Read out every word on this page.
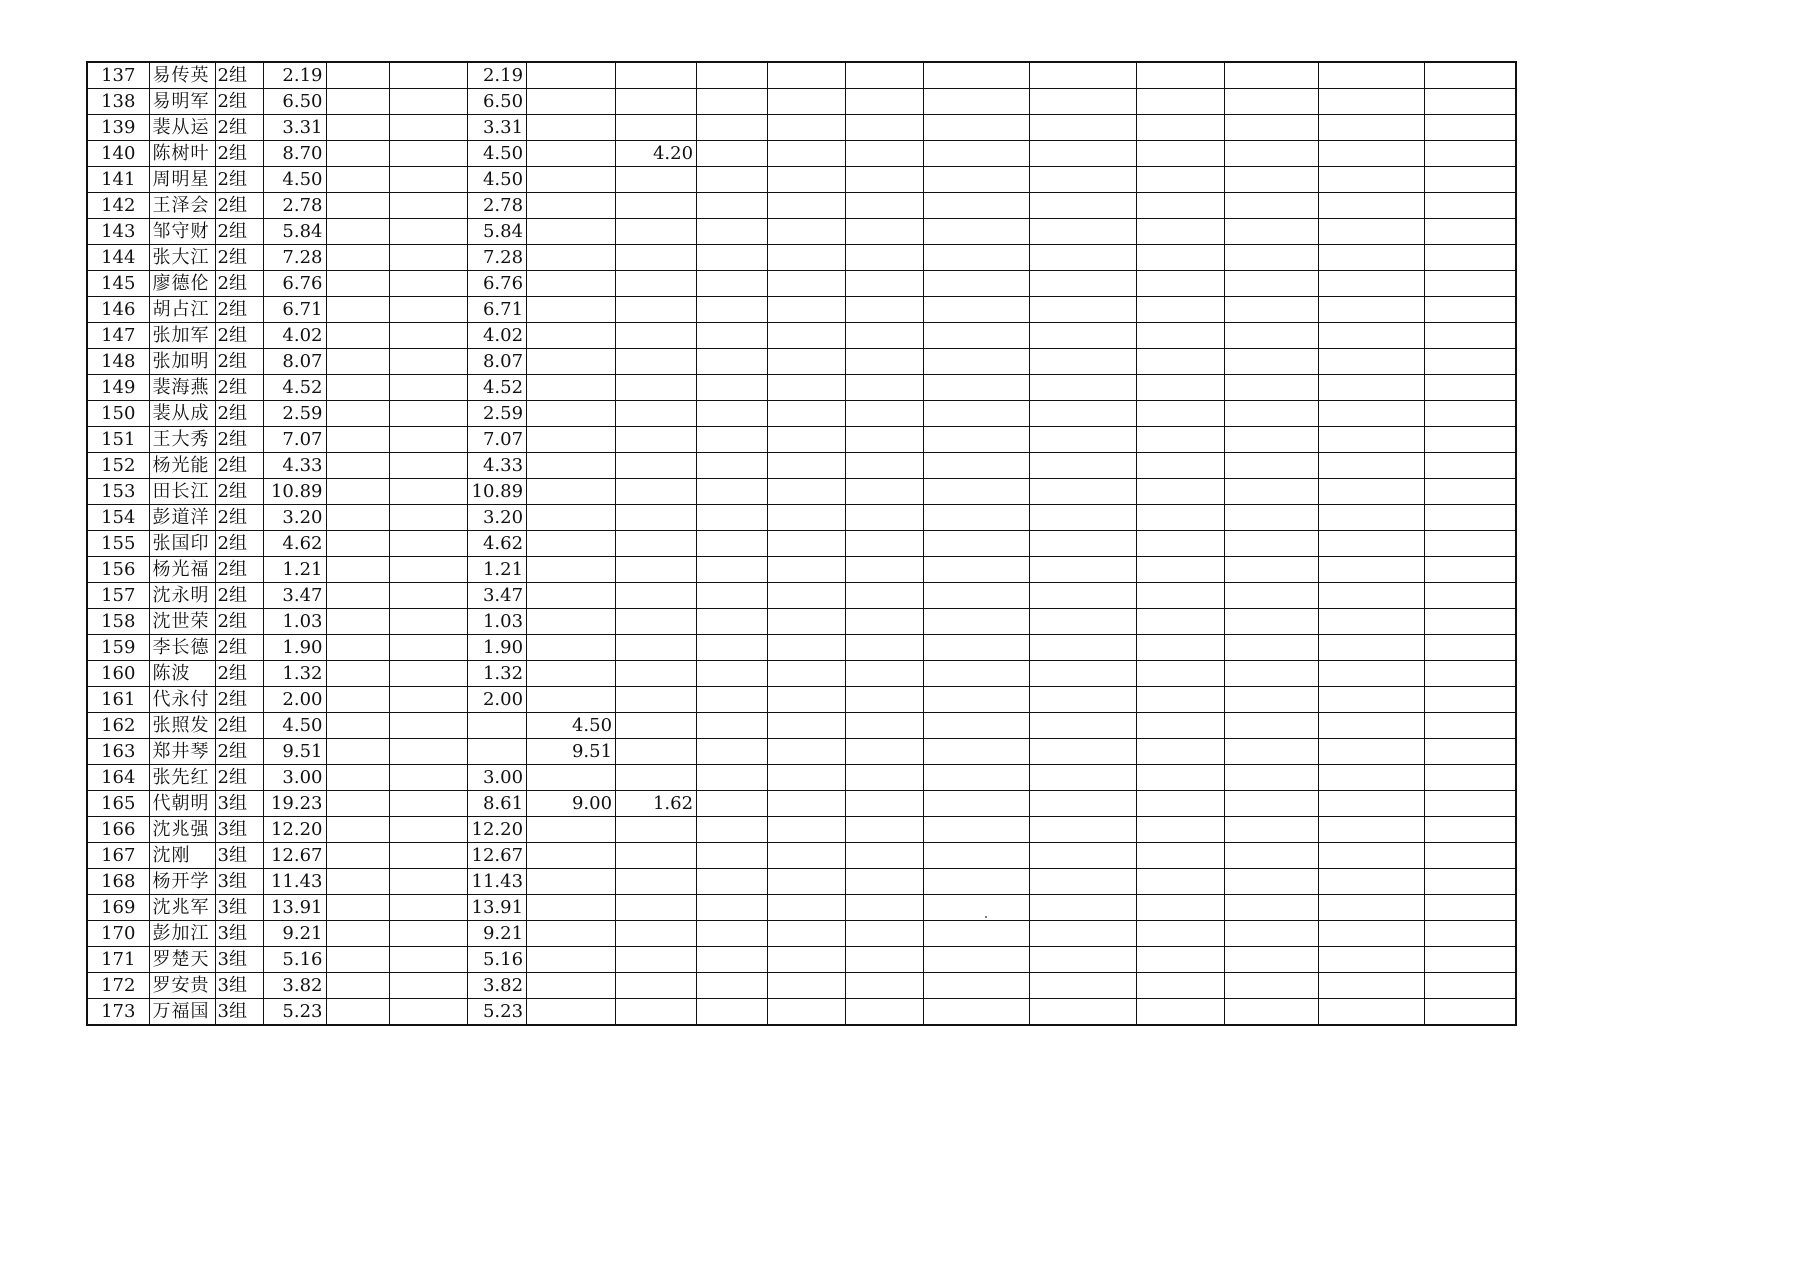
137	易传英	2组	2.19			2.19											
138	易明军	2组	6.50			6.50											
139	裴从运	2组	3.31			3.31											
140	陈树叶	2组	8.70			4.50		4.20									
141	周明星	2组	4.50			4.50											
142	王泽会	2组	2.78			2.78											
143	邹守财	2组	5.84			5.84											
144	张大江	2组	7.28			7.28											
145	廖德伦	2组	6.76			6.76											
146	胡占江	2组	6.71			6.71											
147	张加军	2组	4.02			4.02											
148	张加明	2组	8.07			8.07											
149	裴海燕	2组	4.52			4.52											
150	裴从成	2组	2.59			2.59											
151	王大秀	2组	7.07			7.07											
152	杨光能	2组	4.33			4.33											
153	田长江	2组	10.89			10.89											
154	彭道洋	2组	3.20			3.20											
155	张国印	2组	4.62			4.62											
156	杨光福	2组	1.21			1.21											
157	沈永明	2组	3.47			3.47											
158	沈世荣	2组	1.03			1.03											
159	李长德	2组	1.90			1.90											
160	陈波	2组	1.32			1.32											
161	代永付	2组	2.00			2.00											
162	张照发	2组	4.50				4.50										
163	郑井琴	2组	9.51				9.51										
164	张先红	2组	3.00			3.00											
165	代朝明	3组	19.23			8.61	9.00	1.62									
166	沈兆强	3组	12.20			12.20											
167	沈刚	3组	12.67			12.67											
168	杨开学	3组	11.43			11.43											
169	沈兆军	3组	13.91			13.91											
170	彭加江	3组	9.21			9.21											
171	罗楚天	3组	5.16			5.16											
172	罗安贵	3组	3.82			3.82											
173	万福国	3组	5.23			5.23											
